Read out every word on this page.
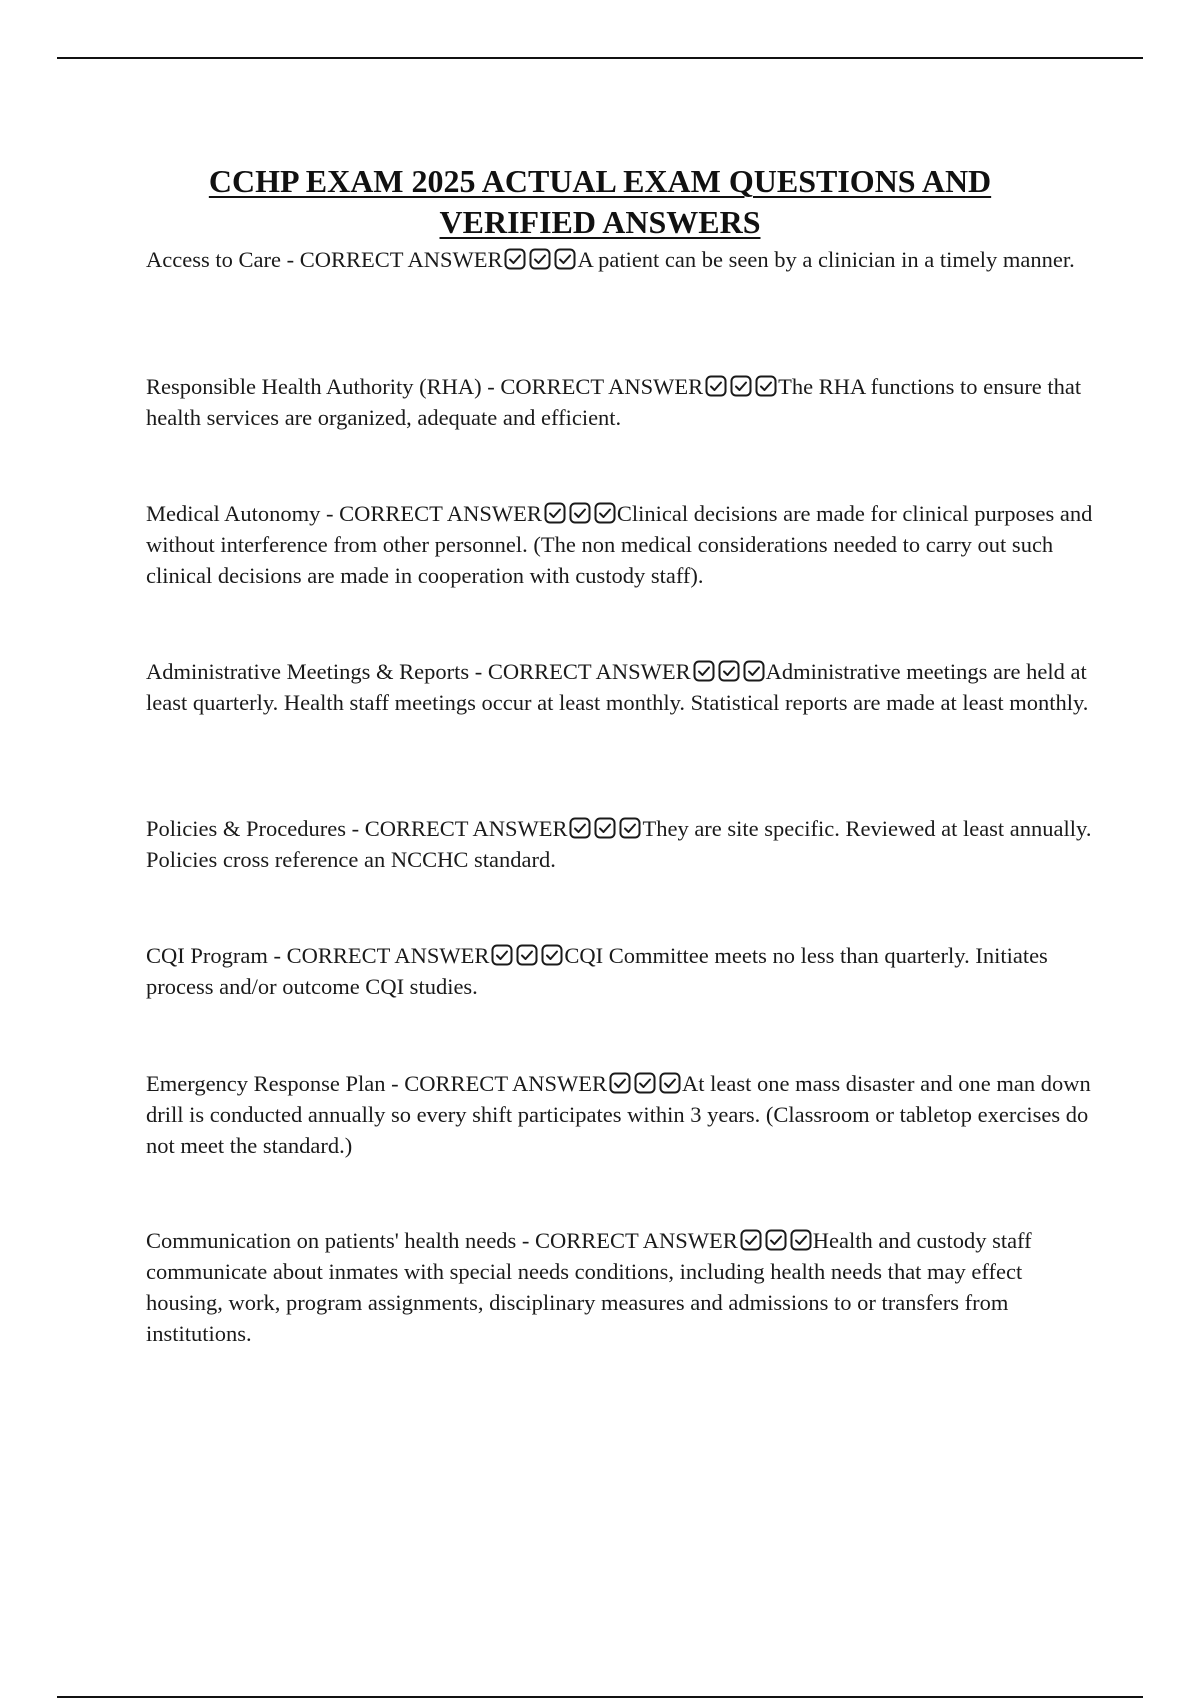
CCHP EXAM 2025 ACTUAL EXAM QUESTIONS AND
VERIFIED ANSWERS

Access to Care - CORRECT ANSWER	A patient can be seen by a clinician in a timely manner.

Responsible Health Authority (RHA) - CORRECT ANSWER	The RHA functions to ensure that health services are organized, adequate and efficient.

Medical Autonomy - CORRECT ANSWER	Clinical decisions are made for clinical purposes and without interference from other personnel. (The non medical considerations needed to carry out such clinical decisions are made in cooperation with custody staff).

Administrative Meetings & Reports - CORRECT ANSWER	Administrative meetings are held at least quarterly. Health staff meetings occur at least monthly. Statistical reports are made at least monthly.

Policies & Procedures - CORRECT ANSWER	They are site specific. Reviewed at least annually. Policies cross reference an NCCHC standard.

CQI Program - CORRECT ANSWER	CQI Committee meets no less than quarterly. Initiates process and/or outcome CQI studies.

Emergency Response Plan - CORRECT ANSWER	At least one mass disaster and one man down drill is conducted annually so every shift participates within 3 years. (Classroom or tabletop exercises do not meet the standard.)

Communication on patients' health needs - CORRECT ANSWER	Health and custody staff communicate about inmates with special needs conditions, including health needs that may effect housing, work, program assignments, disciplinary measures and admissions to or transfers from institutions.
